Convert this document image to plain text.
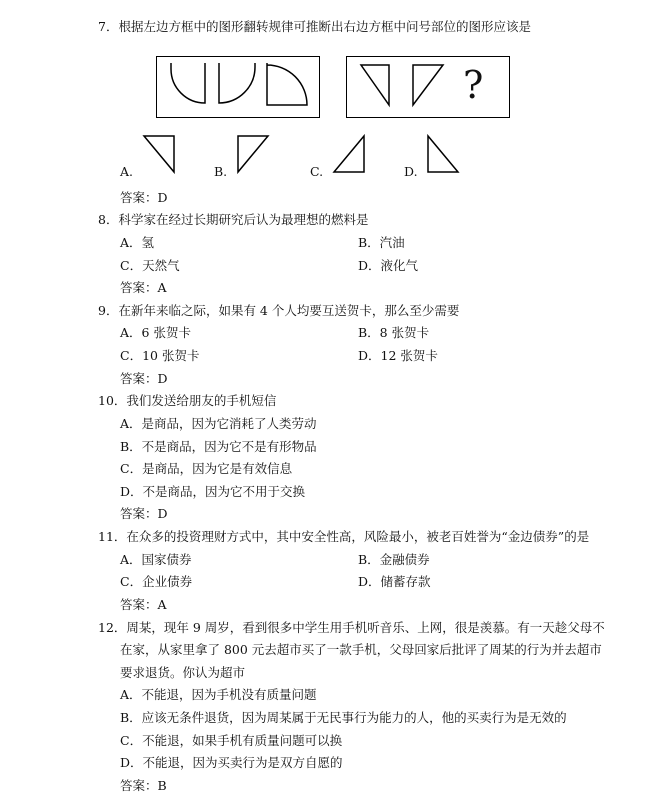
7．根据左边方框中的图形翻转规律可推断出右边方框中问号部位的图形应该是
?
A.	B.	C.	D.
答案：D
8．科学家在经过长期研究后认为最理想的燃料是
A．氢	B．汽油
C．天然气	D．液化气
答案：A
9．在新年来临之际，如果有 4 个人均要互送贺卡，那么至少需要
A．6 张贺卡	B．8 张贺卡
C．10 张贺卡	D．12 张贺卡
答案：D
10．我们发送给朋友的手机短信
A．是商品，因为它消耗了人类劳动
B．不是商品，因为它不是有形物品
C．是商品，因为它是有效信息
D．不是商品，因为它不用于交换
答案：D
11．在众多的投资理财方式中，其中安全性高，风险最小，被老百姓誉为“金边债券”的是
A．国家债券	B．金融债券
C．企业债券	D．储蓄存款
答案：A
12．周某，现年 9 周岁，看到很多中学生用手机听音乐、上网，很是羡慕。有一天趁父母不
在家，从家里拿了 800 元去超市买了一款手机，父母回家后批评了周某的行为并去超市
要求退货。你认为超市
A．不能退，因为手机没有质量问题
B．应该无条件退货，因为周某属于无民事行为能力的人，他的买卖行为是无效的
C．不能退，如果手机有质量问题可以换
D．不能退，因为买卖行为是双方自愿的
答案：B
